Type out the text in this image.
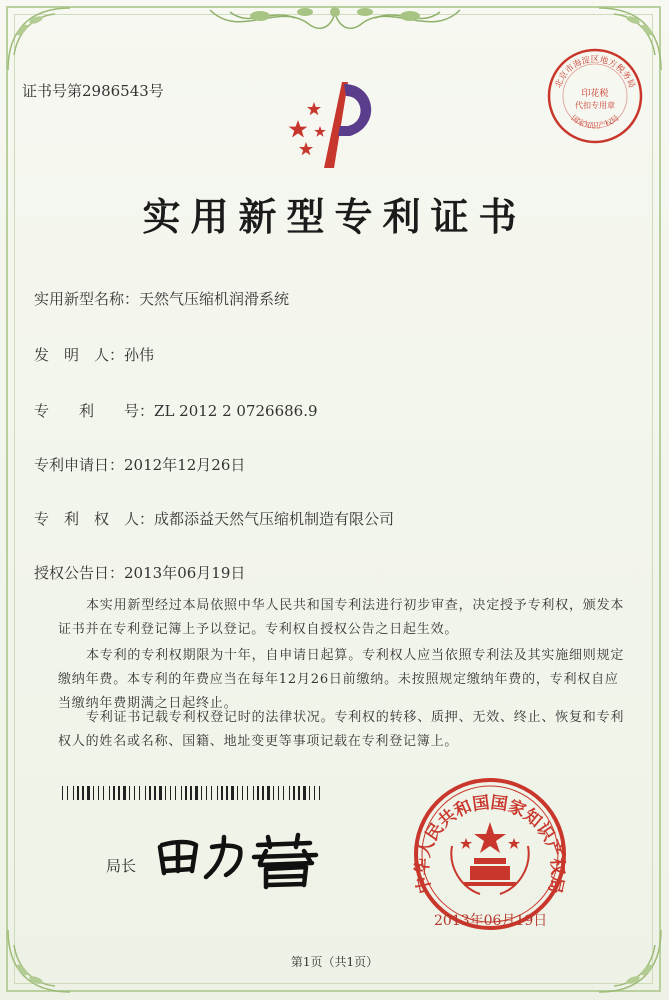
证书号第2986543号	北京市海淀区地方税务局
印花税
代扣专用章
国家知识产权局
实用新型专利证书
实用新型名称：天然气压缩机润滑系统
发　明　人：孙伟
专　　利　　号：ZL 2012 2 0726686.9
专利申请日：2012年12月26日
专　利　权　人：成都添益天然气压缩机制造有限公司
授权公告日：2013年06月19日
本实用新型经过本局依照中华人民共和国专利法进行初步审查，决定授予专利权，颁发本证书并在专利登记簿上予以登记。专利权自授权公告之日起生效。
本专利的专利权期限为十年，自申请日起算。专利权人应当依照专利法及其实施细则规定缴纳年费。本专利的年费应当在每年12月26日前缴纳。未按照规定缴纳年费的，专利权自应当缴纳年费期满之日起终止。
专利证书记载专利权登记时的法律状况。专利权的转移、质押、无效、终止、恢复和专利权人的姓名或名称、国籍、地址变更等事项记载在专利登记簿上。
中华人民共和国国家知识产权局
局长
2013年06月19日
第1页（共1页）
